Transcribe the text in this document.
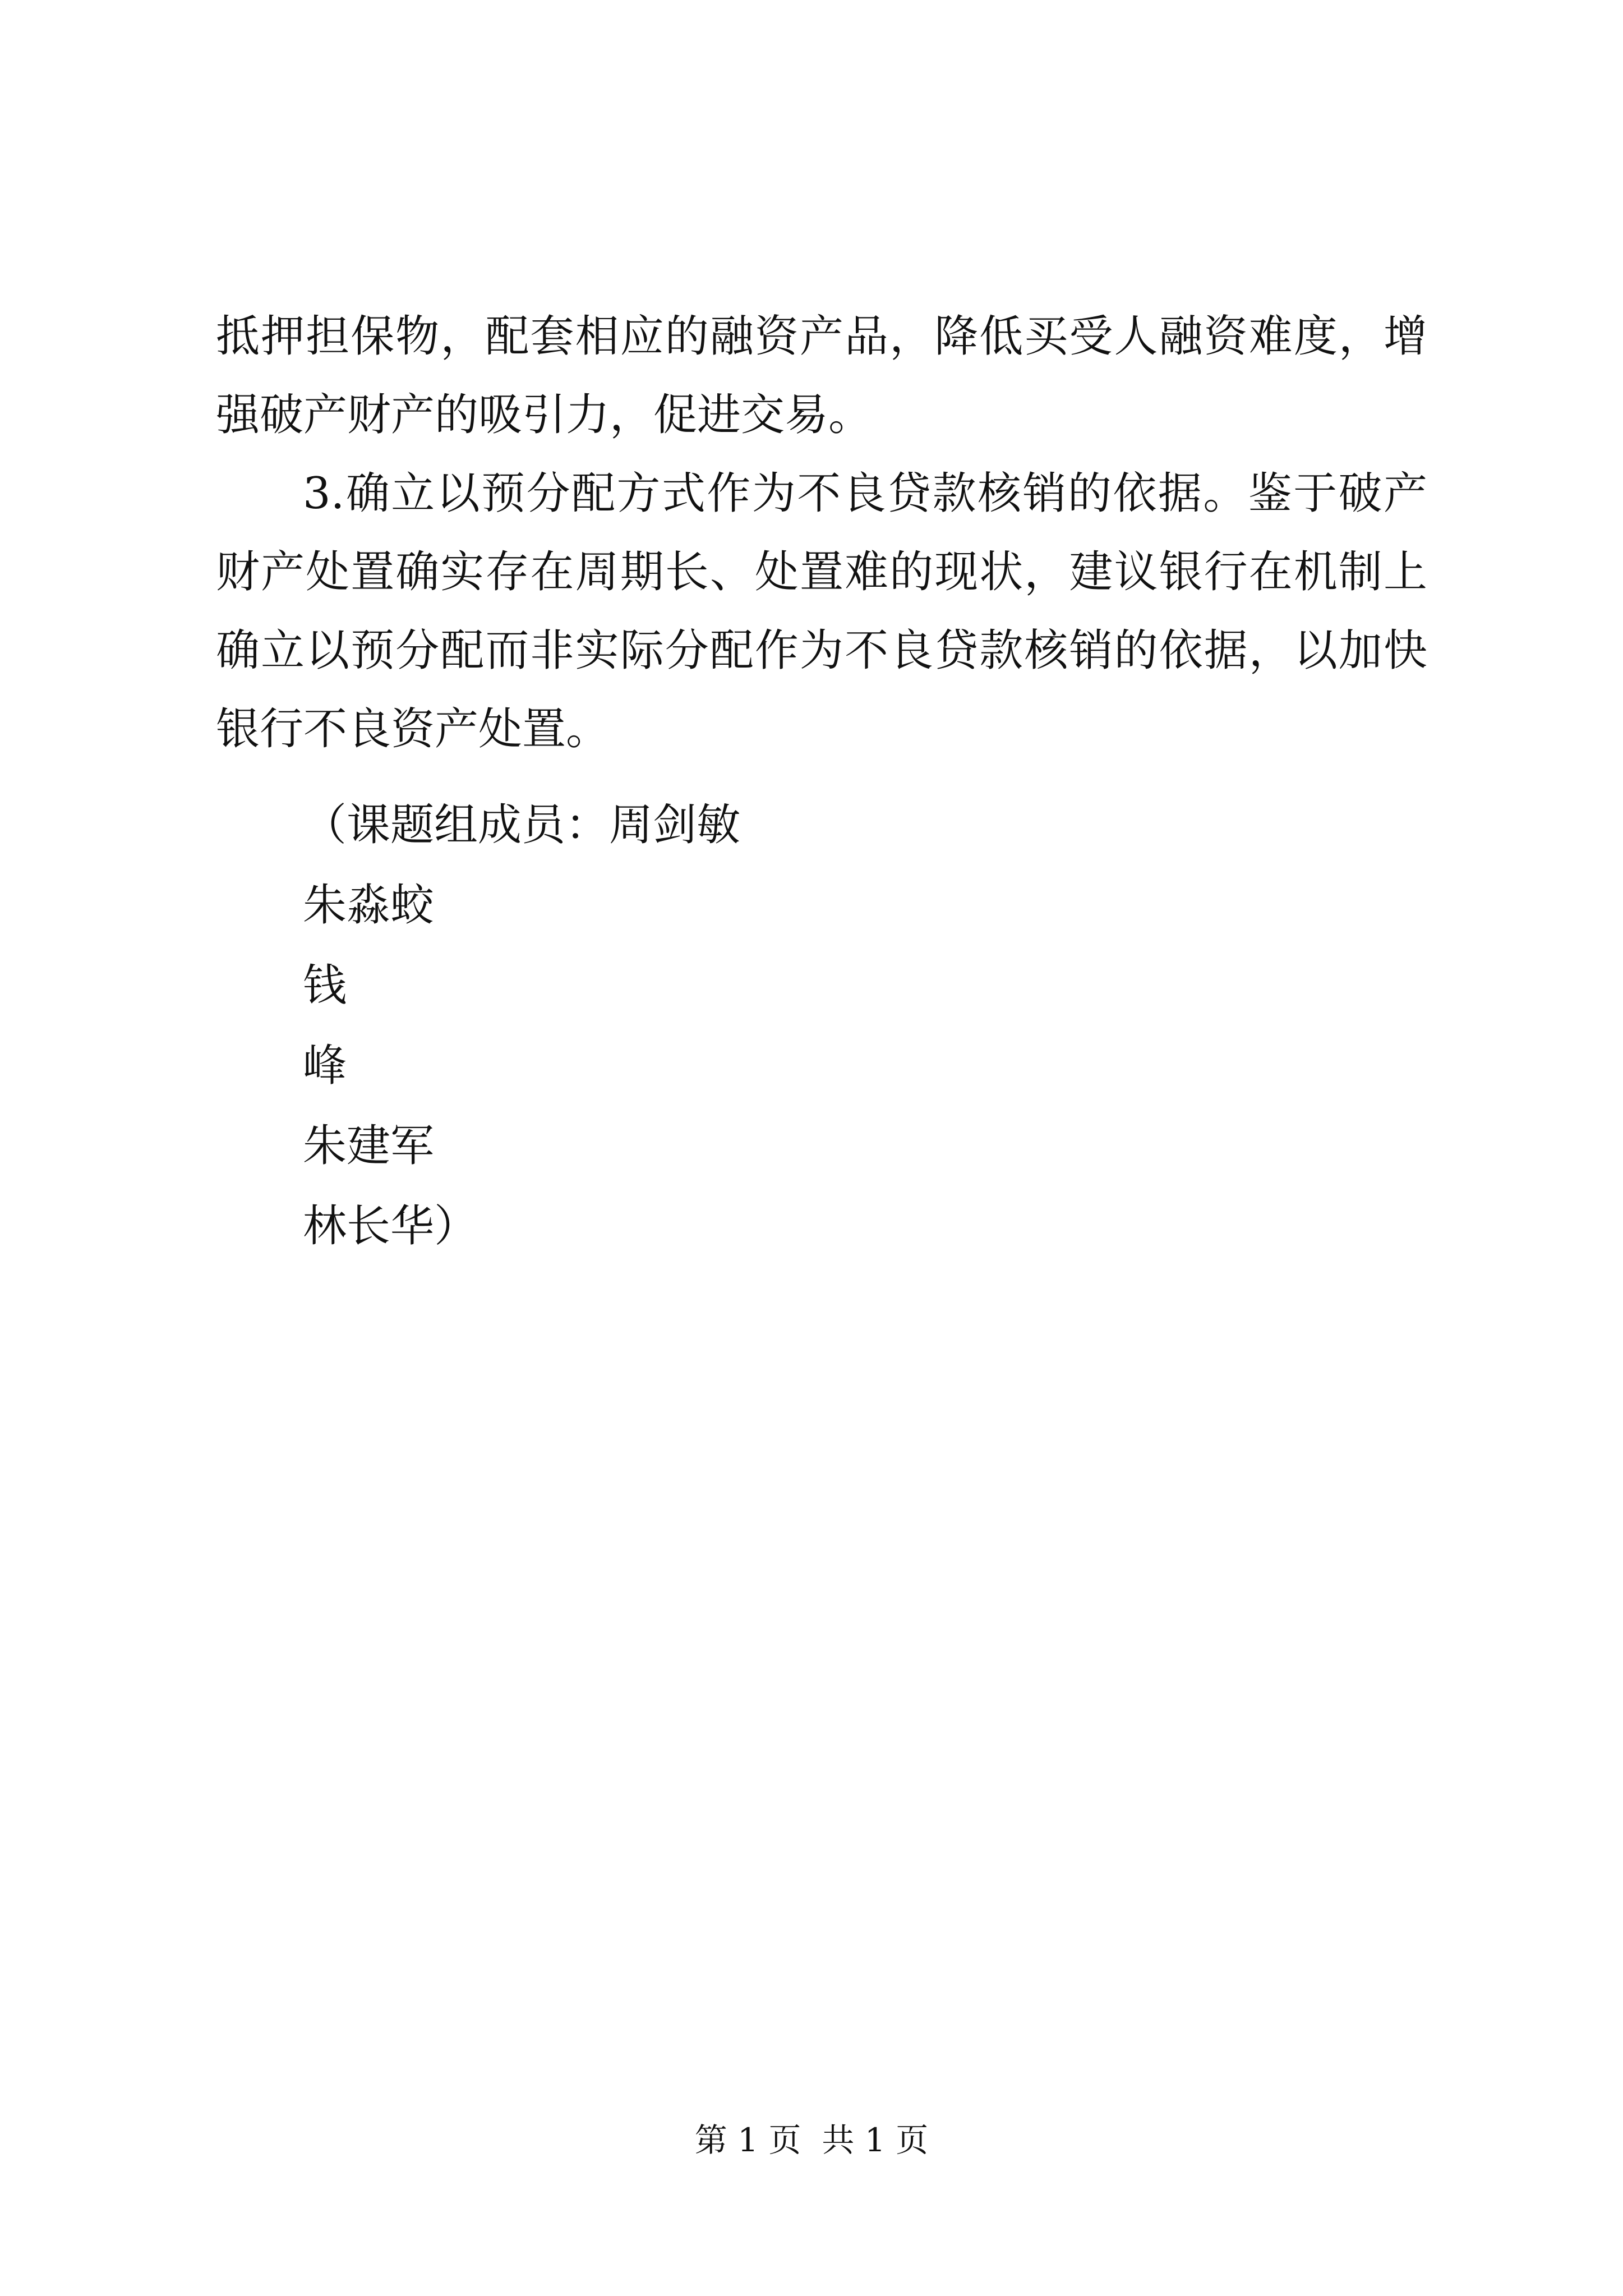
抵押担保物，配套相应的融资产品，降低买受人融资难度，增强破产财产的吸引力，促进交易。

3.确立以预分配方式作为不良贷款核销的依据。鉴于破产财产处置确实存在周期长、处置难的现状，建议银行在机制上确立以预分配而非实际分配作为不良贷款核销的依据，以加快银行不良资产处置。

（课题组成员：周剑敏

朱淼蛟

钱

峰

朱建军

林长华）

第 1 页  共 1 页
